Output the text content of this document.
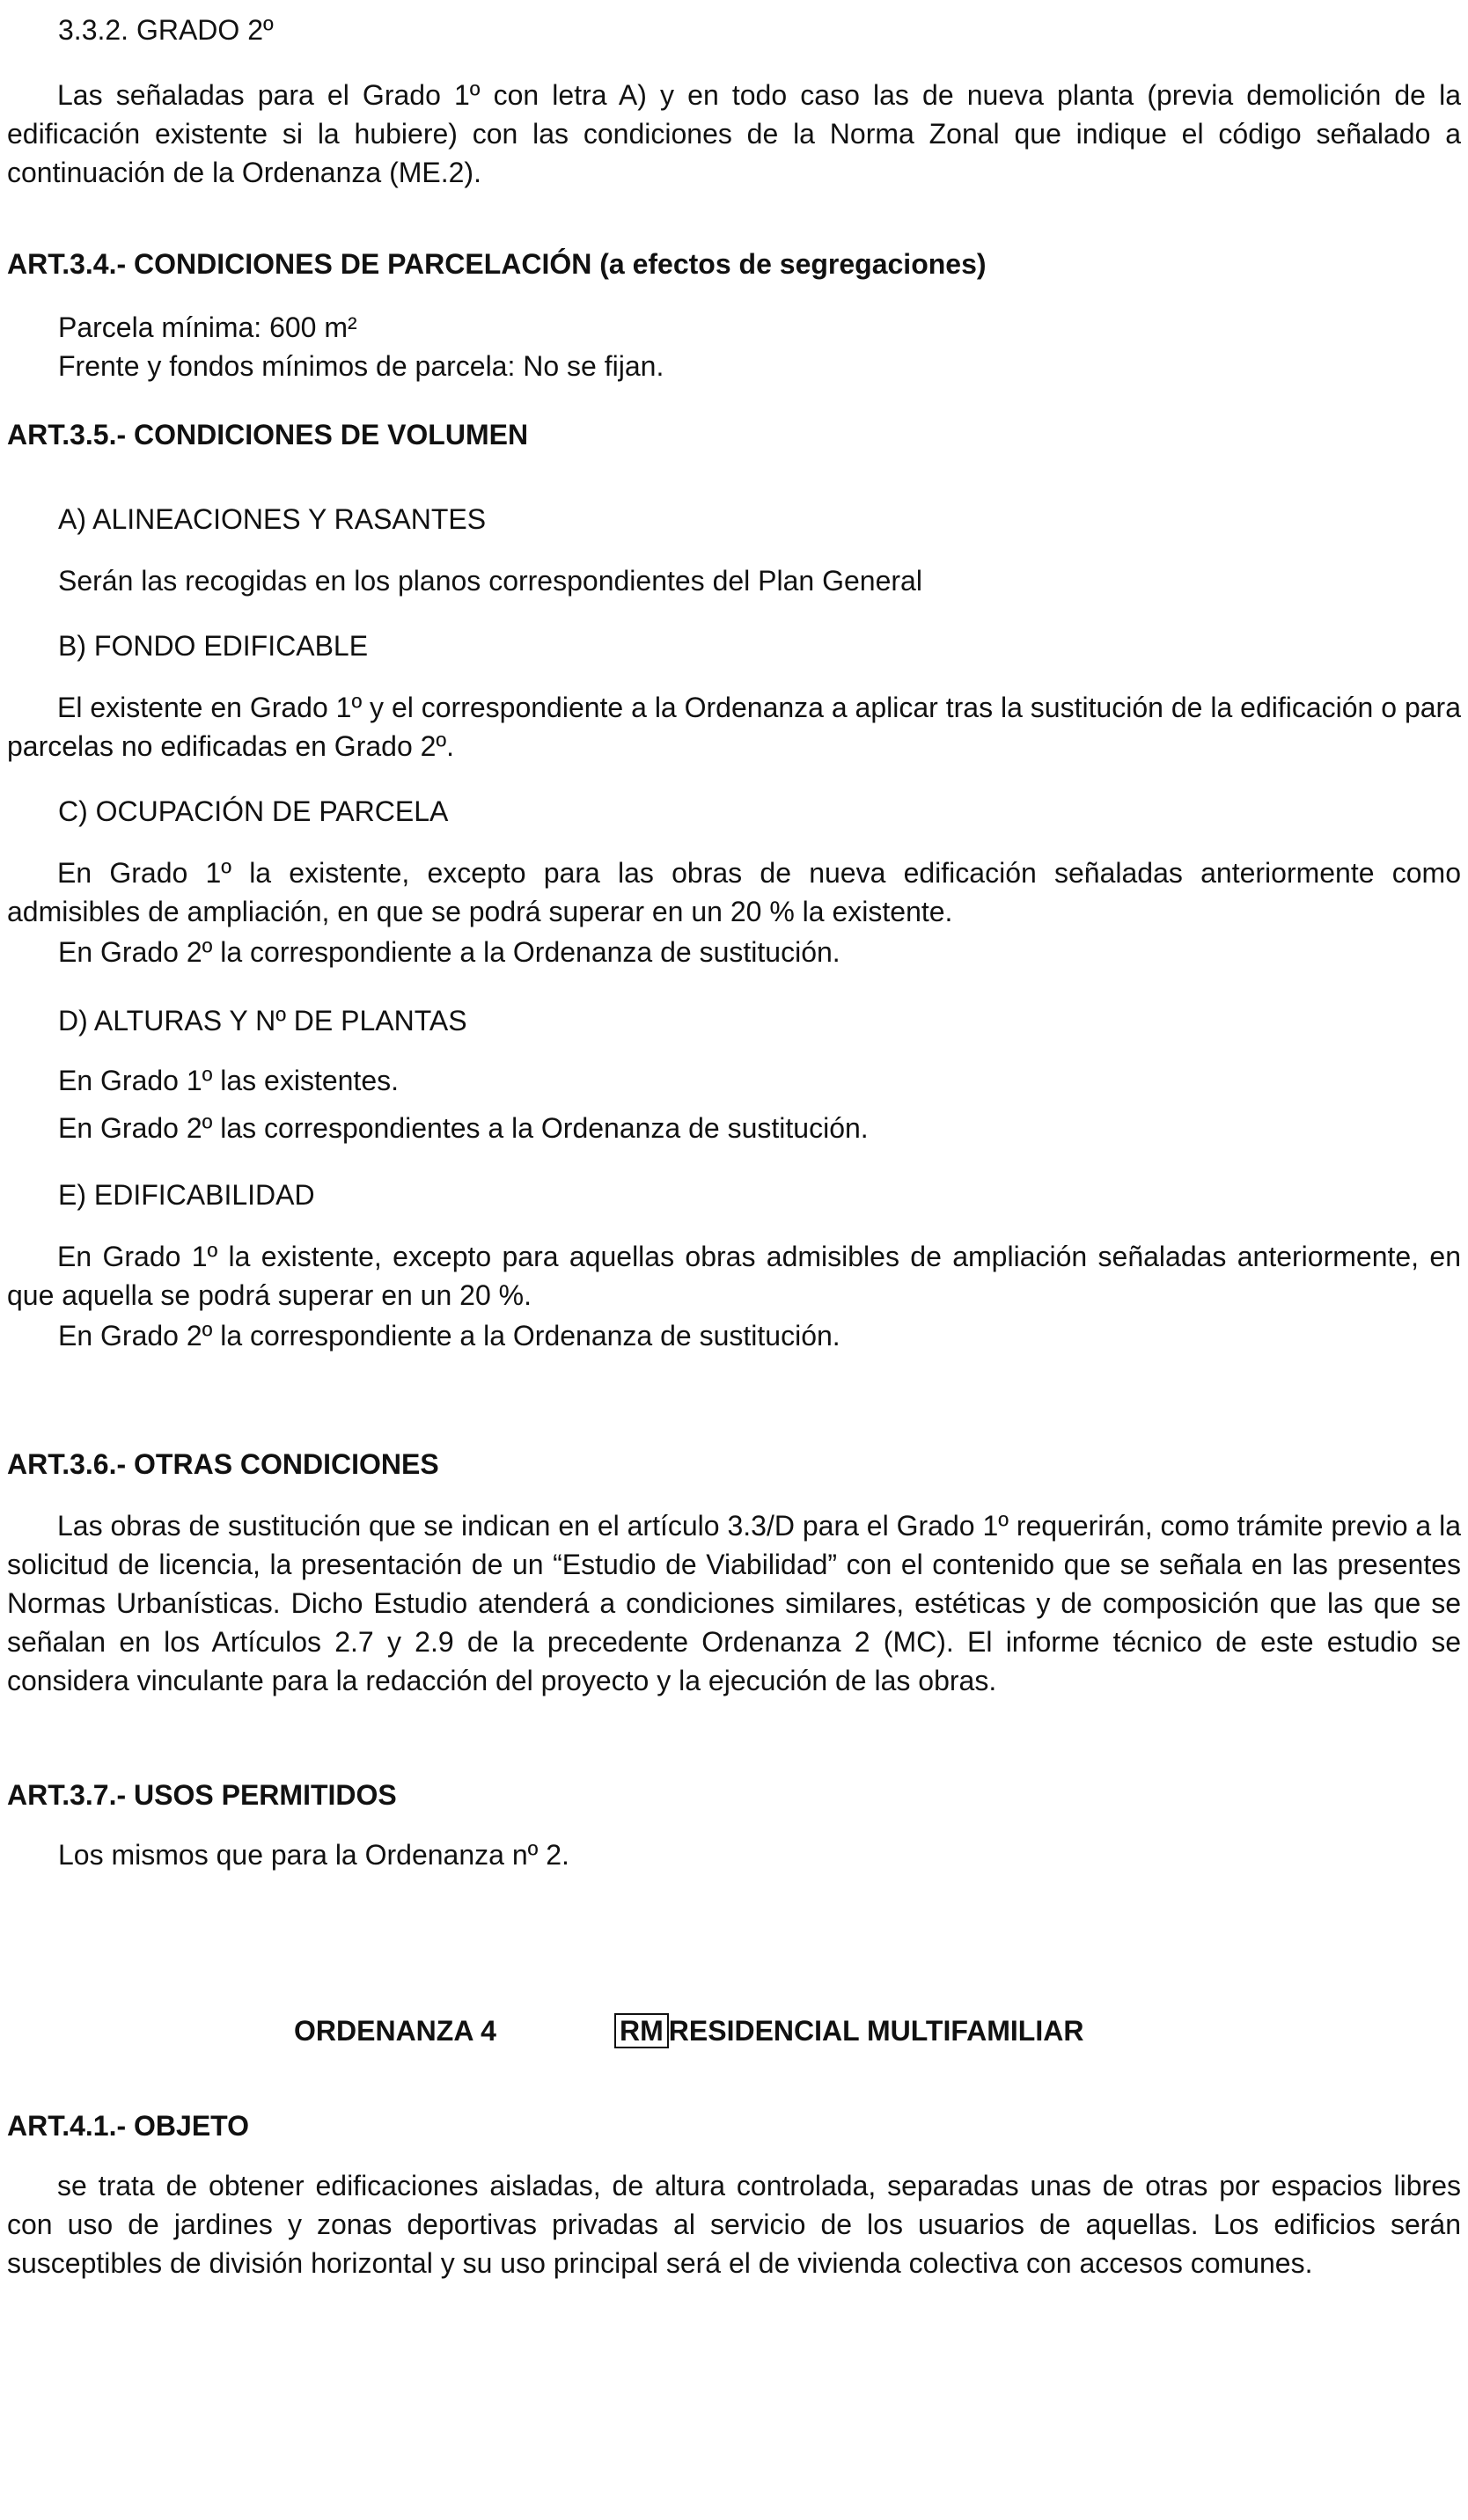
3.3.2. GRADO 2º

Las señaladas para el Grado 1º con letra A) y en todo caso las de nueva planta (previa demolición de la edificación existente si la hubiere) con las condiciones de la Norma Zonal que indique el código señalado a continuación de la Ordenanza (ME.2).

ART.3.4.- CONDICIONES DE PARCELACIÓN (a efectos de segregaciones)

Parcela mínima: 600 m²

Frente y fondos mínimos de parcela: No se fijan.

ART.3.5.- CONDICIONES DE VOLUMEN

A) ALINEACIONES Y RASANTES

Serán las recogidas en los planos correspondientes del Plan General

B) FONDO EDIFICABLE

El existente en Grado 1º y el correspondiente a la Ordenanza a aplicar tras la sustitución de la edificación o para parcelas no edificadas en Grado 2º.

C) OCUPACIÓN DE PARCELA

En Grado 1º la existente, excepto para las obras de nueva edificación señaladas anteriormente como admisibles de ampliación, en que se podrá superar en un 20 % la existente.

En Grado 2º la correspondiente a la Ordenanza de sustitución.

D) ALTURAS Y Nº DE PLANTAS

En Grado 1º las existentes.

En Grado 2º las correspondientes a la Ordenanza de sustitución.

E) EDIFICABILIDAD

En Grado 1º la existente, excepto para aquellas obras admisibles de ampliación señaladas anteriormente, en que aquella se podrá superar en un 20 %.

En Grado 2º la correspondiente a la Ordenanza de sustitución.

ART.3.6.- OTRAS CONDICIONES

Las obras de sustitución que se indican en el artículo 3.3/D para el Grado 1º requerirán, como trámite previo a la solicitud de licencia, la presentación de un “Estudio de Viabilidad” con el contenido que se señala en las presentes Normas Urbanísticas. Dicho Estudio atenderá a condiciones similares, estéticas y de composición que las que se señalan en los Artículos 2.7 y 2.9 de la precedente Ordenanza 2 (MC). El informe técnico de este estudio se considera vinculante para la redacción del proyecto y la ejecución de las obras.

ART.3.7.- USOS PERMITIDOS

Los mismos que para la Ordenanza nº 2.

ORDENANZA 4	RM RESIDENCIAL MULTIFAMILIAR

ART.4.1.- OBJETO

se trata de obtener edificaciones aisladas, de altura controlada, separadas unas de otras por espacios libres con uso de jardines y zonas deportivas privadas al servicio de los usuarios de aquellas. Los edificios serán susceptibles de división horizontal y su uso principal será el de vivienda colectiva con accesos comunes.
